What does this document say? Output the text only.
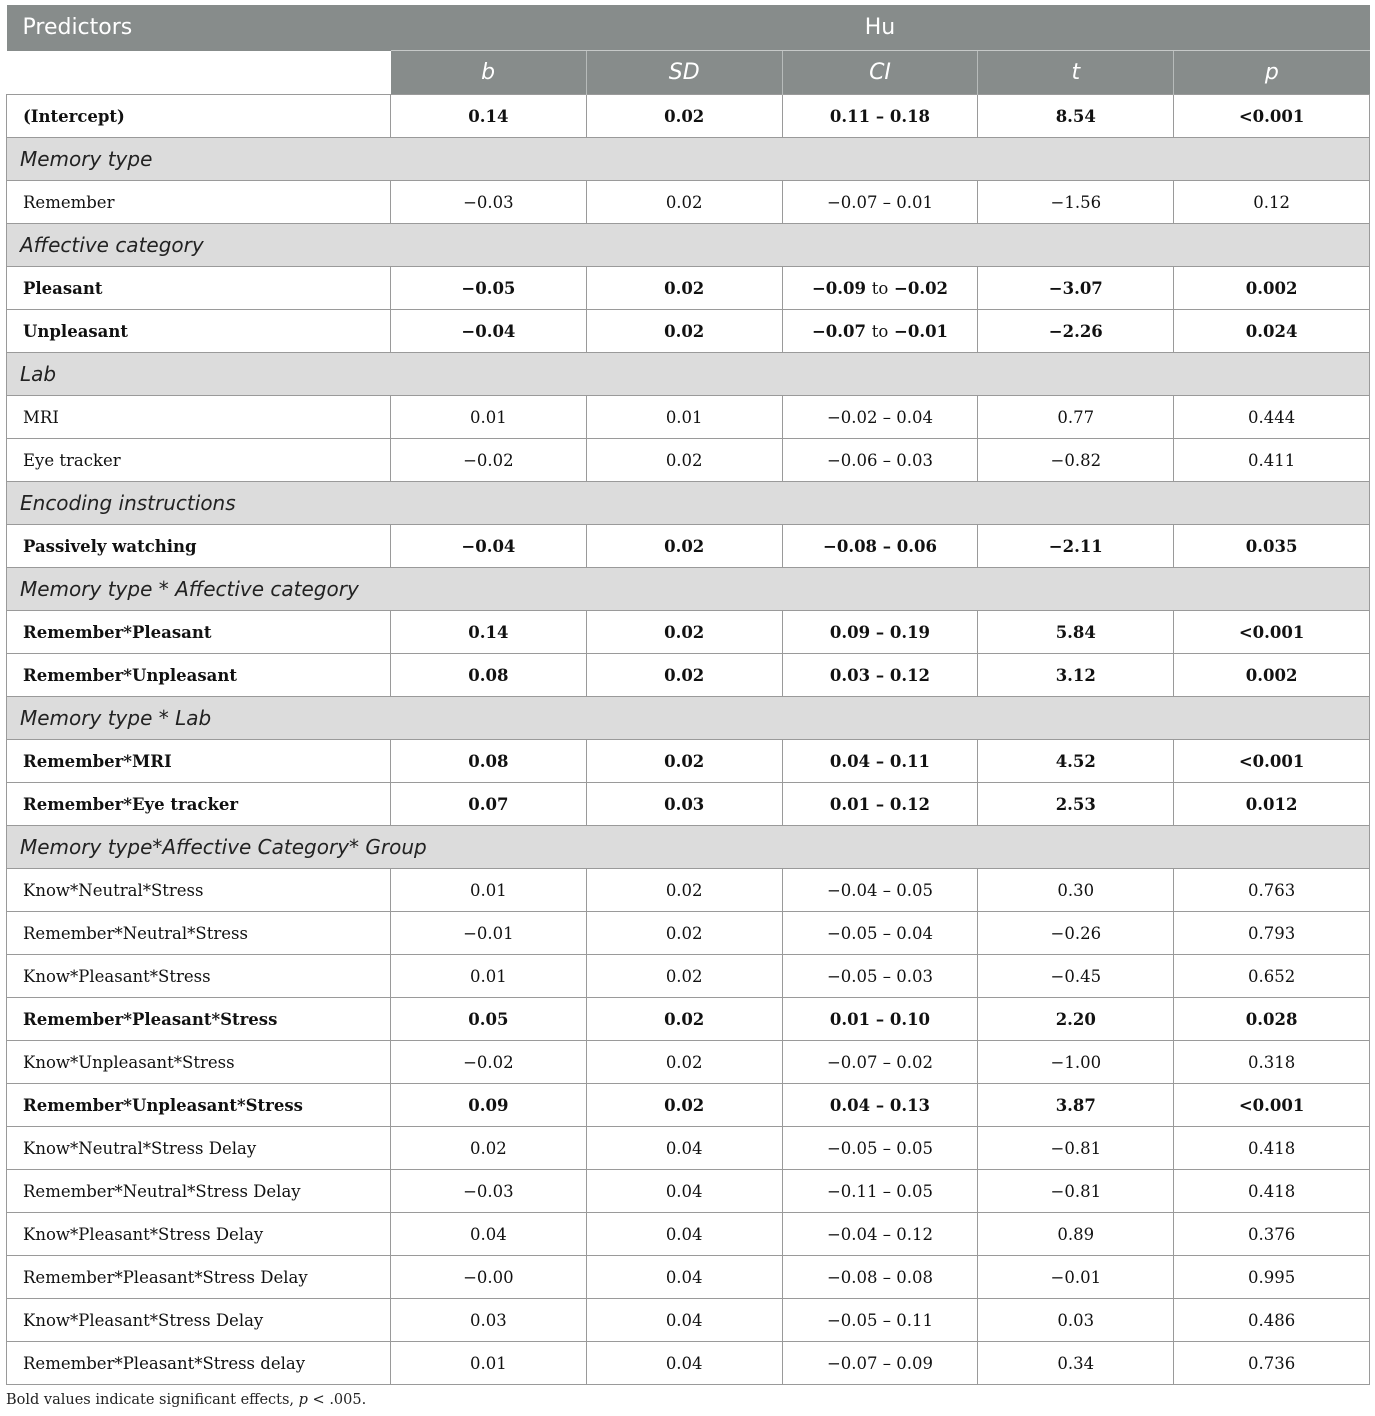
	Hu				
Predictors	b	SD	CI	t	p
(Intercept)	0.14	0.02	0.11 – 0.18	8.54	<0.001
Memory type					
Remember	−0.03	0.02	−0.07 – 0.01	−1.56	0.12
Affective category					
Pleasant	−0.05	0.02	−0.09 to −0.02	−3.07	0.002
Unpleasant	−0.04	0.02	−0.07 to −0.01	−2.26	0.024
Lab					
MRI	0.01	0.01	−0.02 – 0.04	0.77	0.444
Eye tracker	−0.02	0.02	−0.06 – 0.03	−0.82	0.411
Encoding instructions					
Passively watching	−0.04	0.02	−0.08 – 0.06	−2.11	0.035
Memory type * Affective category					
Remember*Pleasant	0.14	0.02	0.09 – 0.19	5.84	<0.001
Remember*Unpleasant	0.08	0.02	0.03 – 0.12	3.12	0.002
Memory type * Lab					
Remember*MRI	0.08	0.02	0.04 – 0.11	4.52	<0.001
Remember*Eye tracker	0.07	0.03	0.01 – 0.12	2.53	0.012
Memory type*Affective Category* Group					
Know*Neutral*Stress	0.01	0.02	−0.04 – 0.05	0.30	0.763
Remember*Neutral*Stress	−0.01	0.02	−0.05 – 0.04	−0.26	0.793
Know*Pleasant*Stress	0.01	0.02	−0.05 – 0.03	−0.45	0.652
Remember*Pleasant*Stress	0.05	0.02	0.01 – 0.10	2.20	0.028
Know*Unpleasant*Stress	−0.02	0.02	−0.07 – 0.02	−1.00	0.318
Remember*Unpleasant*Stress	0.09	0.02	0.04 – 0.13	3.87	<0.001
Know*Neutral*Stress Delay	0.02	0.04	−0.05 – 0.05	−0.81	0.418
Remember*Neutral*Stress Delay	−0.03	0.04	−0.11 – 0.05	−0.81	0.418
Know*Pleasant*Stress Delay	0.04	0.04	−0.04 – 0.12	0.89	0.376
Remember*Pleasant*Stress Delay	−0.00	0.04	−0.08 – 0.08	−0.01	0.995
Know*Pleasant*Stress Delay	0.03	0.04	−0.05 – 0.11	0.03	0.486
Remember*Pleasant*Stress delay	0.01	0.04	−0.07 – 0.09	0.34	0.736
Bold values indicate significant effects, p < .005.
